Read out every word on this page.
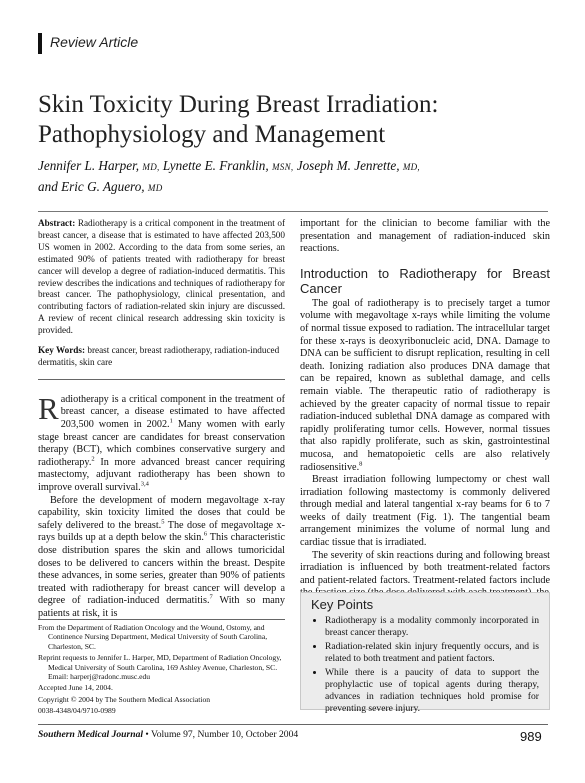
Review Article
Skin Toxicity During Breast Irradiation: Pathophysiology and Management
Jennifer L. Harper, MD, Lynette E. Franklin, MSN, Joseph M. Jenrette, MD,
and Eric G. Aguero, MD

Abstract: Radiotherapy is a critical component in the treatment of breast cancer, a disease that is estimated to have affected 203,500 US women in 2002. According to the data from some series, an estimated 90% of patients treated with radiotherapy for breast cancer will develop a degree of radiation-induced dermatitis. This review describes the indications and techniques of radiotherapy for breast cancer. The pathophysiology, clinical presentation, and contributing factors of radiation-related skin injury are discussed. A review of recent clinical research addressing skin toxicity is provided.

Key Words: breast cancer, breast radiotherapy, radiation-induced dermatitis, skin care

Radiotherapy is a critical component in the treatment of breast cancer, a disease estimated to have affected 203,500 women in 2002.$^1$ Many women with early stage breast cancer are candidates for breast conservation therapy (BCT), which combines conservative surgery and radiotherapy.$^2$ In more advanced breast cancer requiring mastectomy, adjuvant radiotherapy has been shown to improve overall survival.$^{3,4}$

Before the development of modern megavoltage x-ray capability, skin toxicity limited the doses that could be safely delivered to the breast.$^5$ The dose of megavoltage x-rays builds up at a depth below the skin.$^6$ This characteristic dose distribution spares the skin and allows tumoricidal doses to be delivered to cancers within the breast. Despite these advances, in some series, greater than 90% of patients treated with radiotherapy for breast cancer will develop a degree of radiation-induced dermatitis.$^7$ With so many patients at risk, it is

From the Department of Radiation Oncology and the Wound, Ostomy, and Continence Nursing Department, Medical University of South Carolina, Charleston, SC.
Reprint requests to Jennifer L. Harper, MD, Department of Radiation Oncology, Medical University of South Carolina, 169 Ashley Avenue, Charleston, SC. Email: harperj@radonc.musc.edu
Accepted June 14, 2004.
Copyright © 2004 by The Southern Medical Association
0038-4348/04/9710-0989

important for the clinician to become familiar with the presentation and management of radiation-induced skin reactions.

Introduction to Radiotherapy for Breast Cancer

The goal of radiotherapy is to precisely target a tumor volume with megavoltage x-rays while limiting the volume of normal tissue exposed to radiation. The intracellular target for these x-rays is deoxyribonucleic acid, DNA. Damage to DNA can be sufficient to disrupt replication, resulting in cell death. Ionizing radiation also produces DNA damage that can be repaired, known as sublethal damage, and cells remain viable. The therapeutic ratio of radiotherapy is achieved by the greater capacity of normal tissue to repair radiation-induced sublethal DNA damage as compared with rapidly proliferating tumor cells. However, normal tissues that also rapidly proliferate, such as skin, gastrointestinal mucosa, and hematopoietic cells are also relatively radiosensitive.$^8$

Breast irradiation following lumpectomy or chest wall irradiation following mastectomy is commonly delivered through medial and lateral tangential x-ray beams for 6 to 7 weeks of daily treatment (Fig. 1). The tangential beam arrangement minimizes the volume of normal lung and cardiac tissue that is irradiated.

The severity of skin reactions during and following breast irradiation is influenced by both treatment-related factors and patient-related factors. Treatment-related factors include

Key Points
• Radiotherapy is a modality commonly incorporated in breast cancer therapy.
• Radiation-related skin injury frequently occurs, and is related to both treatment and patient factors.
• While there is a paucity of data to support the prophylactic use of topical agents during therapy, advances in radiation techniques hold promise for preventing severe injury.
Southern Medical Journal • Volume 97, Number 10, October 2004	989
